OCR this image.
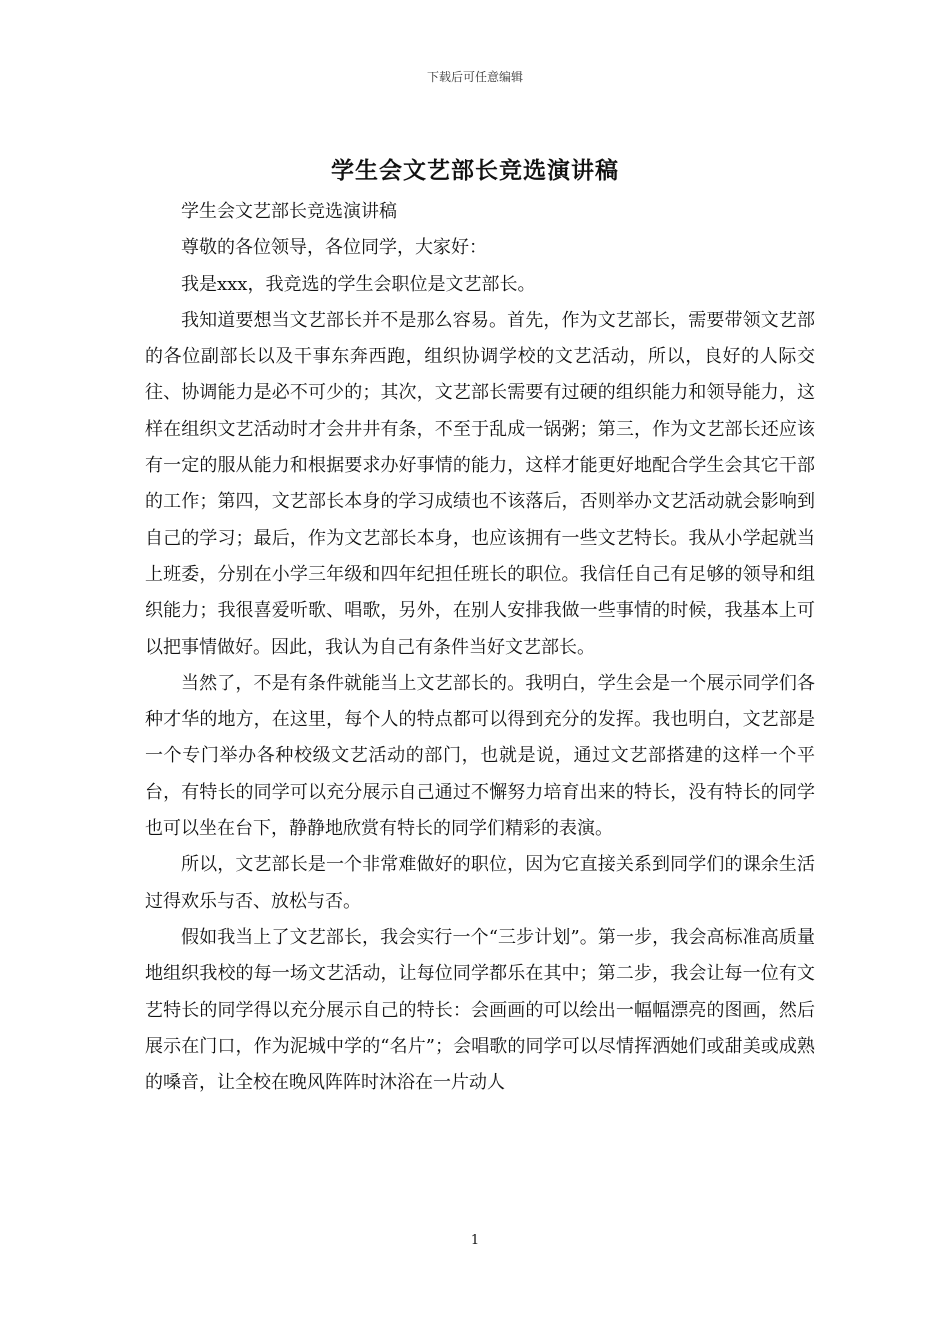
下载后可任意编辑
学生会文艺部长竞选演讲稿

学生会文艺部长竞选演讲稿

尊敬的各位领导，各位同学，大家好：

我是xxx，我竞选的学生会职位是文艺部长。

我知道要想当文艺部长并不是那么容易。首先，作为文艺部长，需要带领文艺部的各位副部长以及干事东奔西跑，组织协调学校的文艺活动，所以，良好的人际交往、协调能力是必不可少的；其次，文艺部长需要有过硬的组织能力和领导能力，这样在组织文艺活动时才会井井有条，不至于乱成一锅粥；第三，作为文艺部长还应该有一定的服从能力和根据要求办好事情的能力，这样才能更好地配合学生会其它干部的工作；第四，文艺部长本身的学习成绩也不该落后，否则举办文艺活动就会影响到自己的学习；最后，作为文艺部长本身，也应该拥有一些文艺特长。我从小学起就当上班委，分别在小学三年级和四年纪担任班长的职位。我信任自己有足够的领导和组织能力；我很喜爱听歌、唱歌，另外，在别人安排我做一些事情的时候，我基本上可以把事情做好。因此，我认为自己有条件当好文艺部长。

当然了，不是有条件就能当上文艺部长的。我明白，学生会是一个展示同学们各种才华的地方，在这里，每个人的特点都可以得到充分的发挥。我也明白，文艺部是一个专门举办各种校级文艺活动的部门，也就是说，通过文艺部搭建的这样一个平台，有特长的同学可以充分展示自己通过不懈努力培育出来的特长，没有特长的同学也可以坐在台下，静静地欣赏有特长的同学们精彩的表演。

所以，文艺部长是一个非常难做好的职位，因为它直接关系到同学们的课余生活过得欢乐与否、放松与否。

假如我当上了文艺部长，我会实行一个“三步计划”。第一步，我会高标准高质量地组织我校的每一场文艺活动，让每位同学都乐在其中；第二步，我会让每一位有文艺特长的同学得以充分展示自己的特长：会画画的可以绘出一幅幅漂亮的图画，然后展示在门口，作为泥城中学的“名片”；会唱歌的同学可以尽情挥洒她们或甜美或成熟的嗓音，让全校在晚风阵阵时沐浴在一片动人

1
